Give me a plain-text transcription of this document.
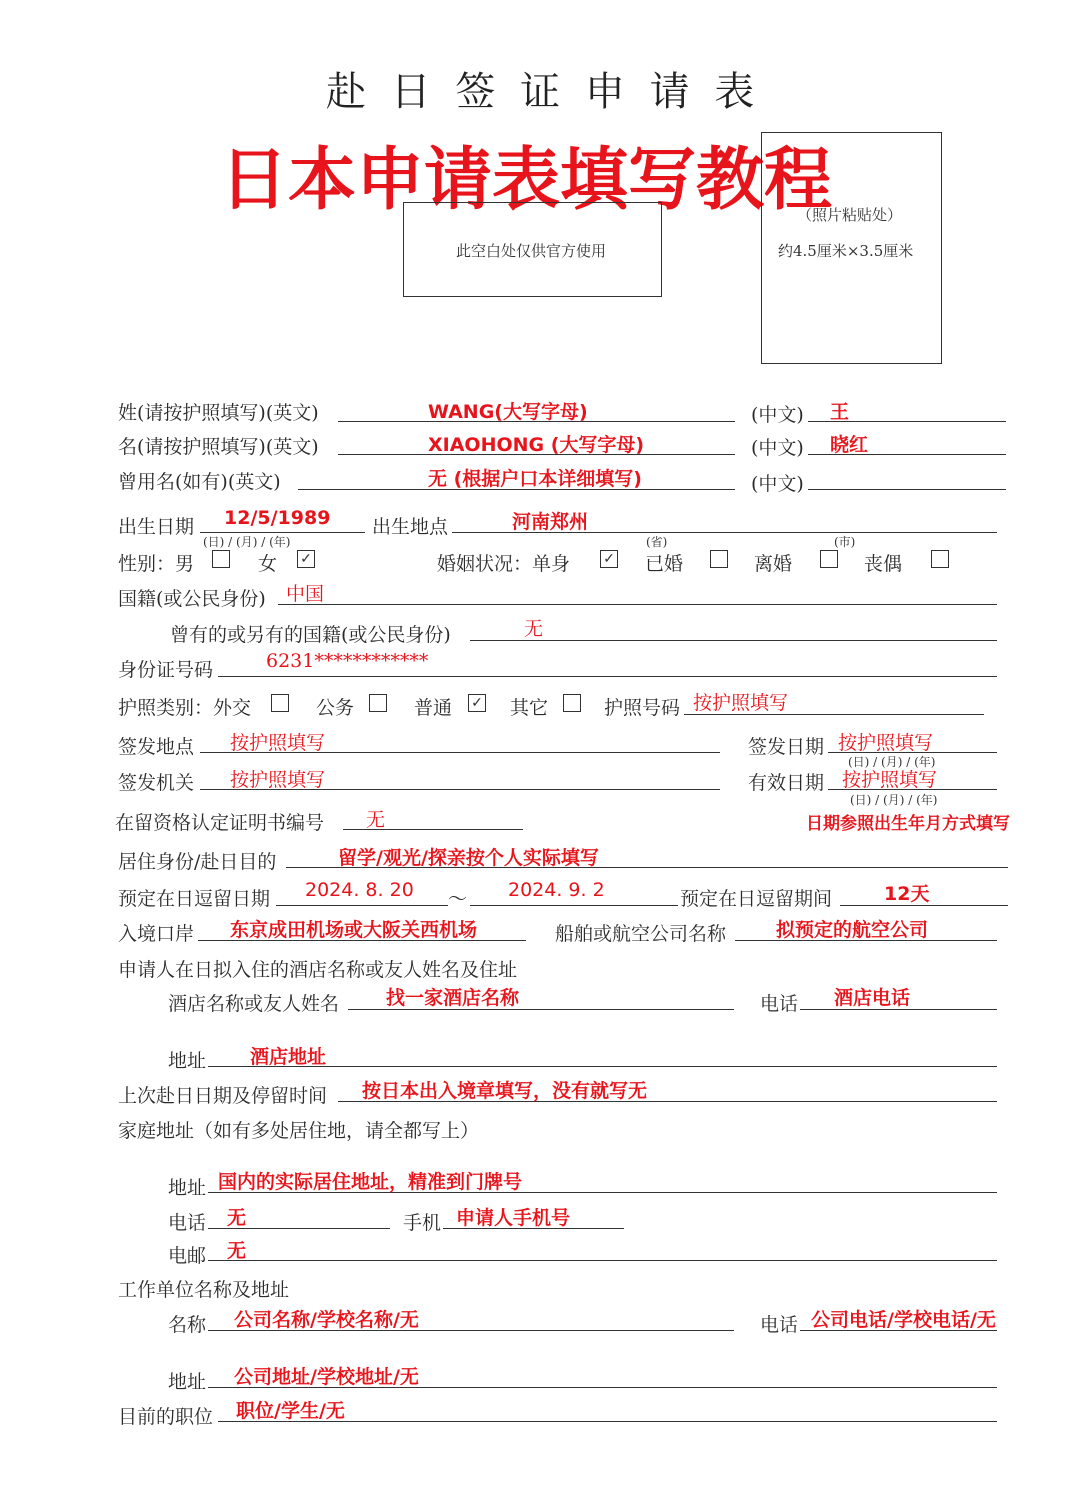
赴 日 签 证 申 请 表
日本申请表填写教程
此空白处仅供官方使用
（照片粘贴处）
约4.5厘米×3.5厘米
姓(请按护照填写)(英文)	WANG(大写字母)	(中文) 王
名(请按护照填写)(英文)	XIAOHONG (大写字母)	(中文) 晓红
曾用名(如有)(英文)	无 (根据户口本详细填写)	(中文)
出生日期 12/5/1989
(日) / (月) / (年)
出生地点	河南郑州
(省)	(市)
性别：男	女 ✓	婚姻状况：单身 ✓ 已婚	离婚	丧偶
国籍(或公民身份) 中国
曾有的或另有的国籍(或公民身份)	无
身份证号码	6231************
护照类别：外交	公务	普通 ✓ 其它	护照号码 按护照填写
签发地点 按护照填写	签发日期 按护照填写
(日) / (月) / (年)
签发机关 按护照填写	有效日期 按护照填写
(日) / (月) / (年)
在留资格认定证明书编号 无	日期参照出生年月方式填写
居住身份/赴日目的	留学/观光/探亲按个人实际填写
预定在日逗留日期 2024. 8. 20 ～ 2024. 9. 2	预定在日逗留期间	12天
入境口岸 东京成田机场或大阪关西机场	船舶或航空公司名称	拟预定的航空公司
申请人在日拟入住的酒店名称或友人姓名及住址
酒店名称或友人姓名 找一家酒店名称	电话 酒店电话
地址 酒店地址
上次赴日日期及停留时间 按日本出入境章填写，没有就写无
家庭地址（如有多处居住地，请全都写上）
地址 国内的实际居住地址，精准到门牌号
电话 无	手机 申请人手机号
电邮 无
工作单位名称及地址
名称 公司名称/学校名称/无	电话 公司电话/学校电话/无
地址 公司地址/学校地址/无
目前的职位 职位/学生/无
